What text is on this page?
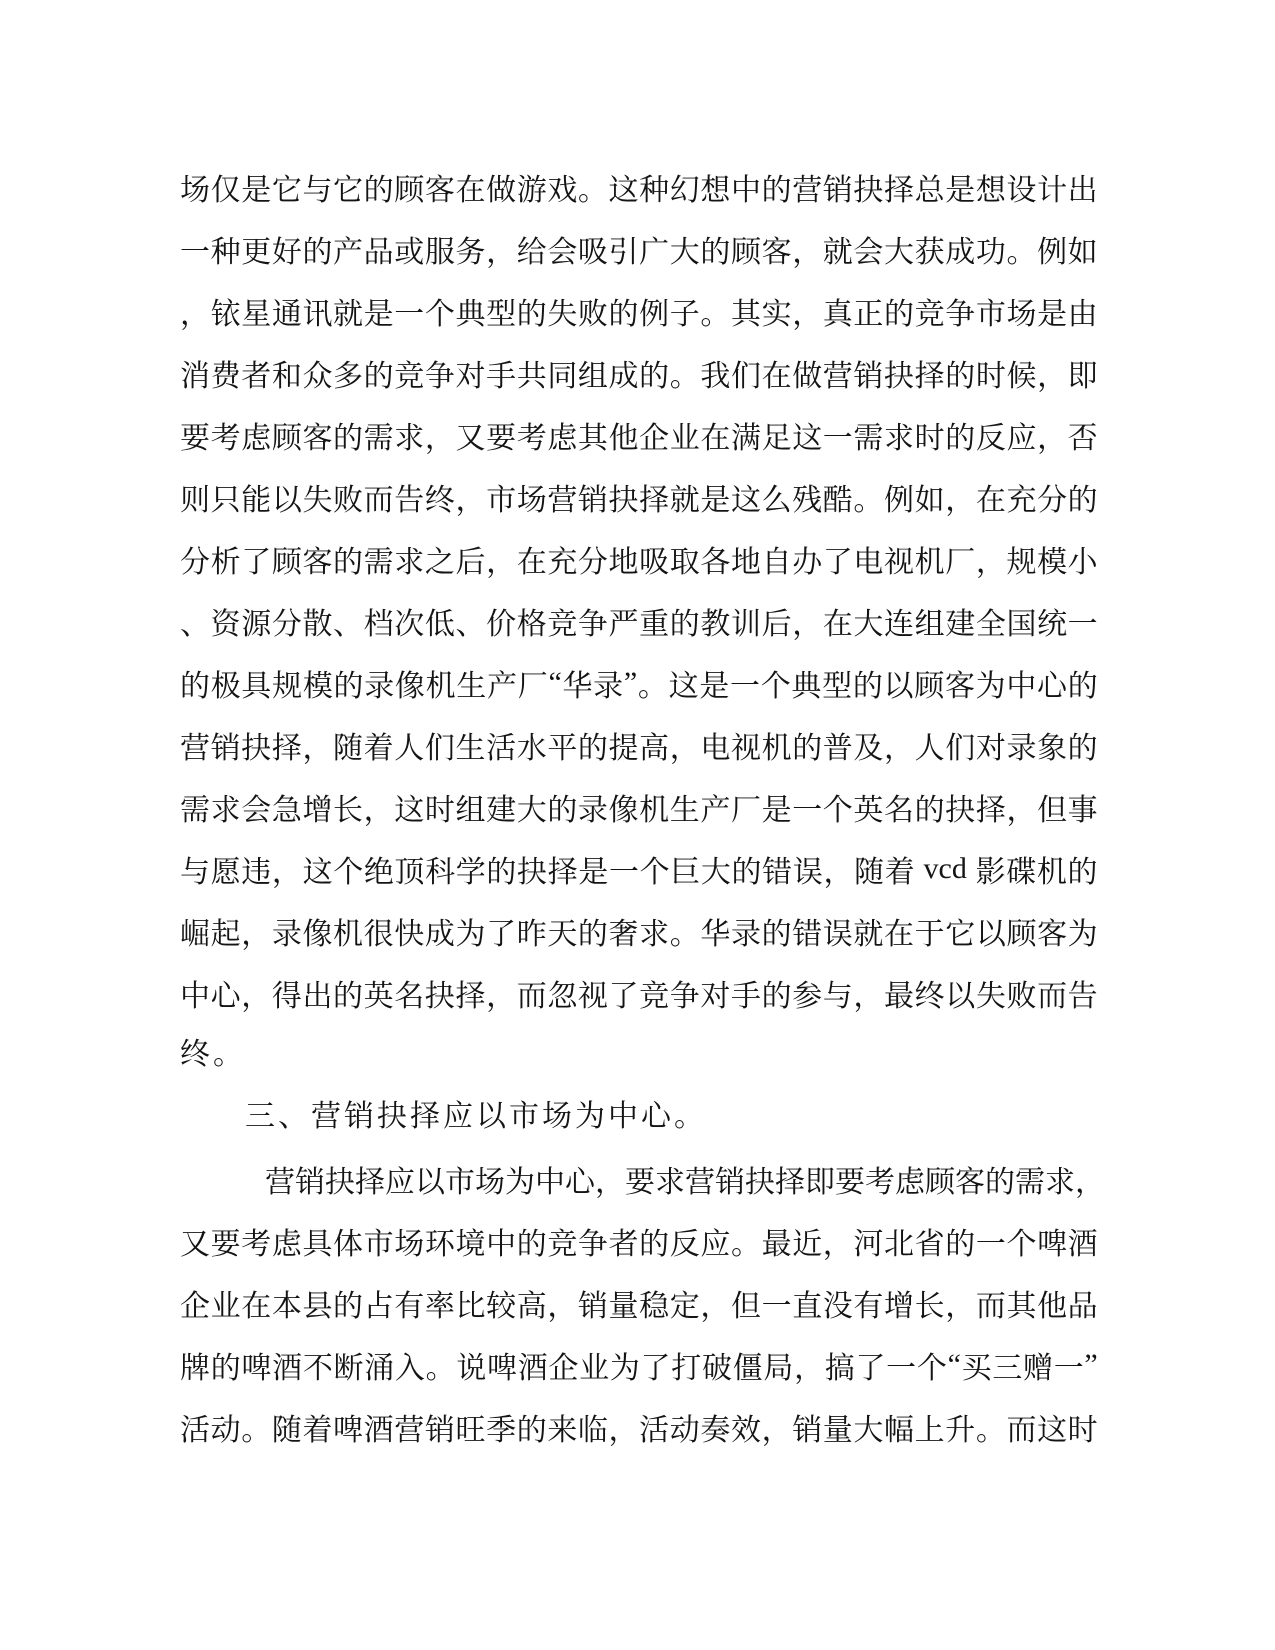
场 仅 是 它 与 它 的 顾 客 在 做 游 戏 。 这 种 幻 想 中 的 营 销 抉 择 总 是 想 设 计 出
一 种 更 好 的 产 品 或 服 务 ， 给 会 吸 引 广 大 的 顾 客 ， 就 会 大 获 成 功 。 例 如
， 铱 星 通 讯 就 是 一 个 典 型 的 失 败 的 例 子 。 其 实 ， 真 正 的 竞 争 市 场 是 由
消 费 者 和 众 多 的 竞 争 对 手 共 同 组 成 的 。 我 们 在 做 营 销 抉 择 的 时 候 ， 即
要 考 虑 顾 客 的 需 求 ， 又 要 考 虑 其 他 企 业 在 满 足 这 一 需 求 时 的 反 应 ， 否
则 只 能 以 失 败 而 告 终 ， 市 场 营 销 抉 择 就 是 这 么 残 酷 。 例 如 ， 在 充 分 的
分 析 了 顾 客 的 需 求 之 后 ， 在 充 分 地 吸 取 各 地 自 办 了 电 视 机 厂 ， 规 模 小
、 资 源 分 散 、 档 次 低 、 价 格 竞 争 严 重 的 教 训 后 ， 在 大 连 组 建 全 国 统 一
的 极 具 规 模 的 录 像 机 生 产 厂 “ 华 录 ” 。 这 是 一 个 典 型 的 以 顾 客 为 中 心 的
营 销 抉 择 ， 随 着 人 们 生 活 水 平 的 提 高 ， 电 视 机 的 普 及 ， 人 们 对 录 象 的
需 求 会 急 增 长 ， 这 时 组 建 大 的 录 像 机 生 产 厂 是 一 个 英 名 的 抉 择 ， 但 事
与 愿 违 ， 这 个 绝 顶 科 学 的 抉 择 是 一 个 巨 大 的 错 误 ， 随 着
vcd
影 碟 机 的
崛 起 ， 录 像 机 很 快 成 为 了 昨 天 的 奢 求 。 华 录 的 错 误 就 在 于 它 以 顾 客 为
中 心 ， 得 出 的 英 名 抉 择 ， 而 忽 视 了 竞 争 对 手 的 参 与 ， 最 终 以 失 败 而 告
终。
三、营销抉择应以市场为中心。
营 销 抉 择 应 以 市 场 为 中 心 ， 要 求 营 销 抉 择 即 要 考 虑 顾 客 的 需 求 ，
又 要 考 虑 具 体 市 场 环 境 中 的 竞 争 者 的 反 应 。 最 近 ， 河 北 省 的 一 个 啤 酒
企 业 在 本 县 的 占 有 率 比 较 高 ， 销 量 稳 定 ， 但 一 直 没 有 增 长 ， 而 其 他 品
牌 的 啤 酒 不 断 涌 入 。 说 啤 酒 企 业 为 了 打 破 僵 局 ， 搞 了 一 个 “ 买 三 赠 一 ”
活 动 。 随 着 啤 酒 营 销 旺 季 的 来 临 ， 活 动 奏 效 ， 销 量 大 幅 上 升 。 而 这 时
